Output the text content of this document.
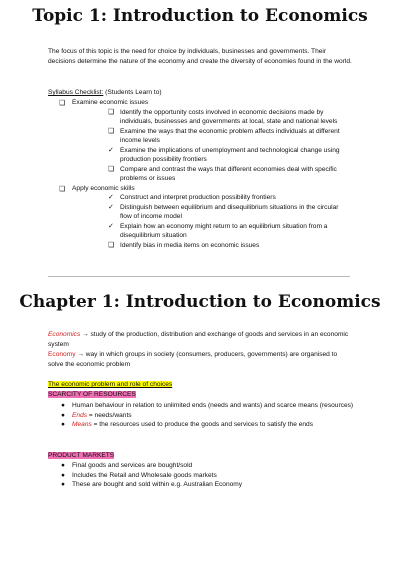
Topic 1: Introduction to Economics
The focus of this topic is the need for choice by individuals, businesses and governments. Their decisions determine the nature of the economy and create the diversity of economies found in the world.
Syllabus Checklist: (Students Learn to)
❏ Examine economic issues
❏ Identify the opportunity costs involved in economic decisions made by individuals, businesses and governments at local, state and national levels
❏ Examine the ways that the economic problem affects individuals at different income levels
✓ Examine the implications of unemployment and technological change using production possibility frontiers
❏ Compare and contrast the ways that different economies deal with specific problems or issues
❏ Apply economic skills
✓ Construct and interpret production possibility frontiers
✓ Distinguish between equilibrium and disequilibrium situations in the circular flow of income model
✓ Explain how an economy might return to an equilibrium situation from a disequilibrium situation
❏ Identify bias in media items on economic issues
Chapter 1: Introduction to Economics
Economics → study of the production, distribution and exchange of goods and services in an economic system
Economy → way in which groups in society (consumers, producers, governments) are organised to solve the economic problem
The economic problem and role of choices
SCARCITY OF RESOURCES
● Human behaviour in relation to unlimited ends (needs and wants) and scarce means (resources)
● Ends = needs/wants
● Means = the resources used to produce the goods and services to satisfy the ends
PRODUCT MARKETS
● Final goods and services are bought/sold
● Includes the Retail and Wholesale goods markets
● These are bought and sold within e.g. Australian Economy
